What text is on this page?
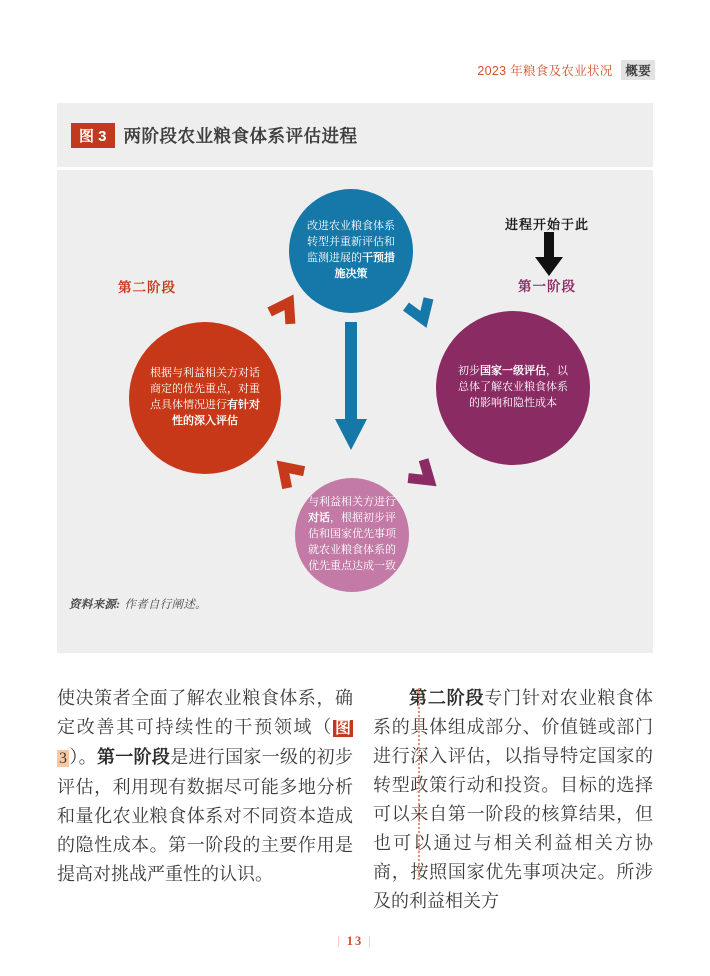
2023 年粮食及农业状况 概要
图 3 两阶段农业粮食体系评估进程
进程开始于此
第二阶段	第一阶段
改进农业粮食体系转型并重新评估和监测进展的干预措施决策
根据与利益相关方对话商定的优先重点，对重点具体情况进行有针对性的深入评估
初步国家一级评估，以总体了解农业粮食体系的影响和隐性成本
与利益相关方进行对话，根据初步评估和国家优先事项就农业粮食体系的优先重点达成一致
资料来源: 作者自行阐述。

使决策者全面了解农业粮食体系，确定改善其可持续性的干预领域（ 图3 ）。第一阶段是进行国家一级的初步评估，利用现有数据尽可能多地分析和量化农业粮食体系对不同资本造成的隐性成本。第一阶段的主要作用是提高对挑战严重性的认识。

第二阶段专门针对农业粮食体系的具体组成部分、价值链或部门进行深入评估，以指导特定国家的转型政策行动和投资。目标的选择可以来自第一阶段的核算结果，但也可以通过与相关利益相关方协商，按照国家优先事项决定。所涉及的利益相关方

| 13 |
